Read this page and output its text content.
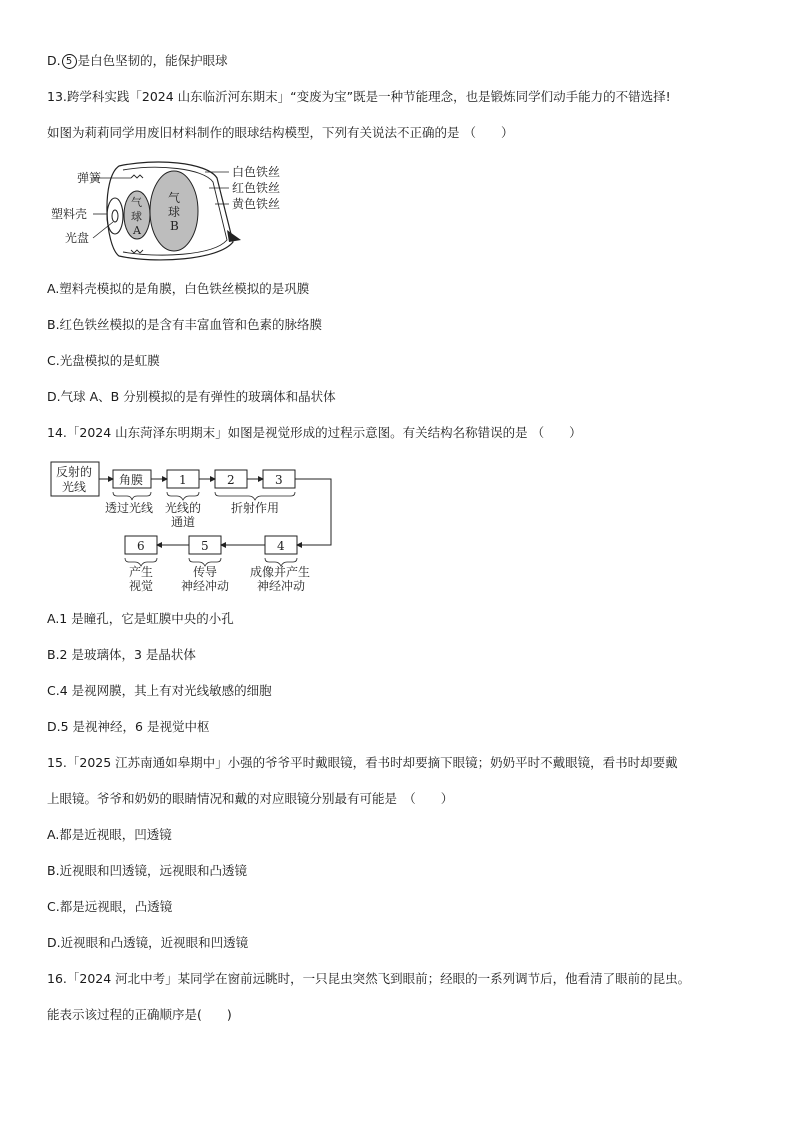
D. 5 是白色坚韧的，能保护眼球
13.跨学科实践「2024 山东临沂河东期末」“变废为宝”既是一种节能理念，也是锻炼同学们动手能力的不错选择!
如图为莉莉同学用废旧材料制作的眼球结构模型，下列有关说法不正确的是 （　　）
弹簧
塑料壳
光盘
气
球
A
气
球
B
白色铁丝
红色铁丝
黄色铁丝
A.塑料壳模拟的是角膜，白色铁丝模拟的是巩膜
B.红色铁丝模拟的是含有丰富血管和色素的脉络膜
C.光盘模拟的是虹膜
D.气球 A、B 分别模拟的是有弹性的玻璃体和晶状体
14.「2024 山东菏泽东明期末」如图是视觉形成的过程示意图。有关结构名称错误的是 （　　）
反射的
光线	角膜	1	2	3
6	5	4
透过光线 光线的
通道
折射作用
产生
视觉
传导
神经冲动
成像并产生
神经冲动
A.1 是瞳孔，它是虹膜中央的小孔
B.2 是玻璃体，3 是晶状体
C.4 是视网膜，其上有对光线敏感的细胞
D.5 是视神经，6 是视觉中枢
15.「2025 江苏南通如皋期中」小强的爷爷平时戴眼镜，看书时却要摘下眼镜；奶奶平时不戴眼镜，看书时却要戴
上眼镜。爷爷和奶奶的眼睛情况和戴的对应眼镜分别最有可能是　（　　）
A.都是近视眼，凹透镜
B.近视眼和凹透镜，远视眼和凸透镜
C.都是远视眼，凸透镜
D.近视眼和凸透镜，近视眼和凹透镜
16.「2024 河北中考」某同学在窗前远眺时，一只昆虫突然飞到眼前；经眼的一系列调节后，他看清了眼前的昆虫。
能表示该过程的正确顺序是(　　)
